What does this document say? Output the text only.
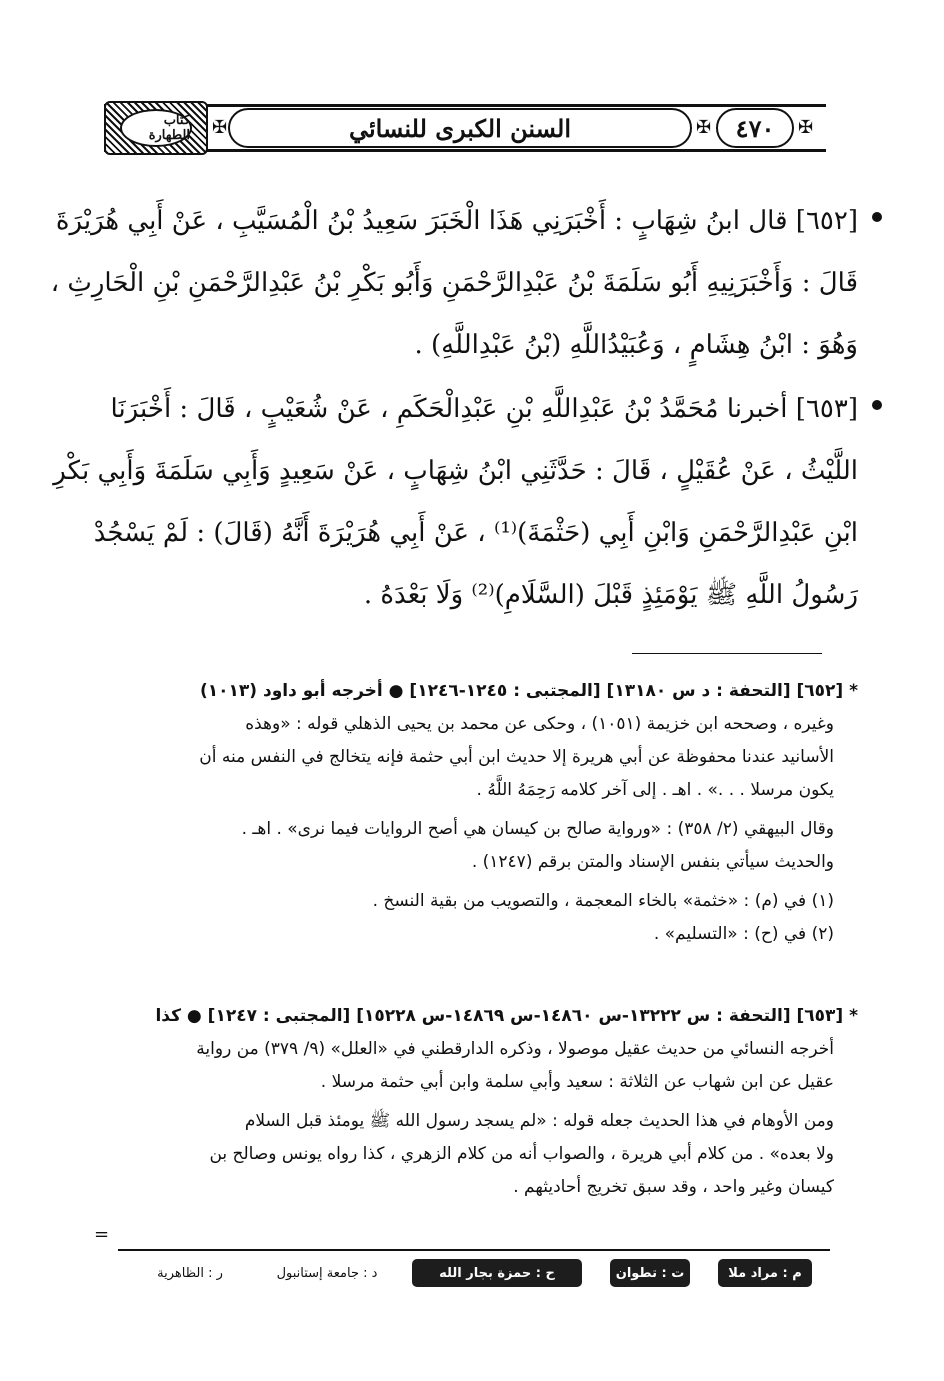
كتاب الطهارة ✠	السنن الكبرى للنسائي	✠	٤٧٠	✠
[٦٥٢] قال ابنُ شِهَابٍ : أَخْبَرَنِي هَذَا الْخَبَرَ سَعِيدُ بْنُ الْمُسَيَّبِ ، عَنْ أَبِي هُرَيْرَةَ
قَالَ : وَأَخْبَرَنِيهِ أَبُو سَلَمَةَ بْنُ عَبْدِالرَّحْمَنِ وَأَبُو بَكْرِ بْنُ عَبْدِالرَّحْمَنِ بْنِ الْحَارِثِ ،
وَهُوَ : ابْنُ هِشَامٍ ، وَعُبَيْدُاللَّهِ (بْنُ عَبْدِاللَّهِ) .
[٦٥٣] أخبرنا مُحَمَّدُ بْنُ عَبْدِاللَّهِ بْنِ عَبْدِالْحَكَمِ ، عَنْ شُعَيْبٍ ، قَالَ : أَخْبَرَنَا
اللَّيْثُ ، عَنْ عُقَيْلٍ ، قَالَ : حَدَّثَنِي ابْنُ شِهَابٍ ، عَنْ سَعِيدٍ وَأَبِي سَلَمَةَ وَأَبِي بَكْرِ
ابْنِ عَبْدِالرَّحْمَنِ وَابْنِ أَبِي (حَثْمَةَ)⁽¹⁾ ، عَنْ أَبِي هُرَيْرَةَ أَنَّهُ (قَالَ) : لَمْ يَسْجُدْ
رَسُولُ اللَّهِ ﷺ يَوْمَئِذٍ قَبْلَ (السَّلَامِ)⁽²⁾ وَلَا بَعْدَهُ .
* [٦٥٢] [التحفة : د س ١٣١٨٠] [المجتبى : ١٢٤٥-١٢٤٦] ● أخرجه أبو داود (١٠١٣)
وغيره ، وصححه ابن خزيمة (١٠٥١) ، وحكى عن محمد بن يحيى الذهلي قوله : «وهذه
الأسانيد عندنا محفوظة عن أبي هريرة إلا حديث ابن أبي حثمة فإنه يتخالج في النفس منه أن
يكون مرسلا . . .» . اهـ . إلى آخر كلامه رَحِمَهُ اللَّهُ .
وقال البيهقي (٢/ ٣٥٨) : «ورواية صالح بن كيسان هي أصح الروايات فيما نرى» . اهـ .
والحديث سيأتي بنفس الإسناد والمتن برقم (١٢٤٧) .
(١) في (م) : «خثمة» بالخاء المعجمة ، والتصويب من بقية النسخ .
(٢) في (ح) : «التسليم» .
* [٦٥٣] [التحفة : س ١٣٢٢٢-س ١٤٨٦٠-س ١٤٨٦٩-س ١٥٢٢٨] [المجتبى : ١٢٤٧] ● كذا
أخرجه النسائي من حديث عقيل موصولا ، وذكره الدارقطني في «العلل» (٩/ ٣٧٩) من رواية
عقيل عن ابن شهاب عن الثلاثة : سعيد وأبي سلمة وابن أبي حثمة مرسلا .
ومن الأوهام في هذا الحديث جعله قوله : «لم يسجد رسول الله ﷺ يومئذ قبل السلام
ولا بعده» . من كلام أبي هريرة ، والصواب أنه من كلام الزهري ، كذا رواه يونس وصالح بن
كيسان وغير واحد ، وقد سبق تخريج أحاديثهم .
=
م : مراد ملا
ت : تطوان
ح : حمزة بجار الله
د : جامعة إستانبول
ر : الظاهرية
